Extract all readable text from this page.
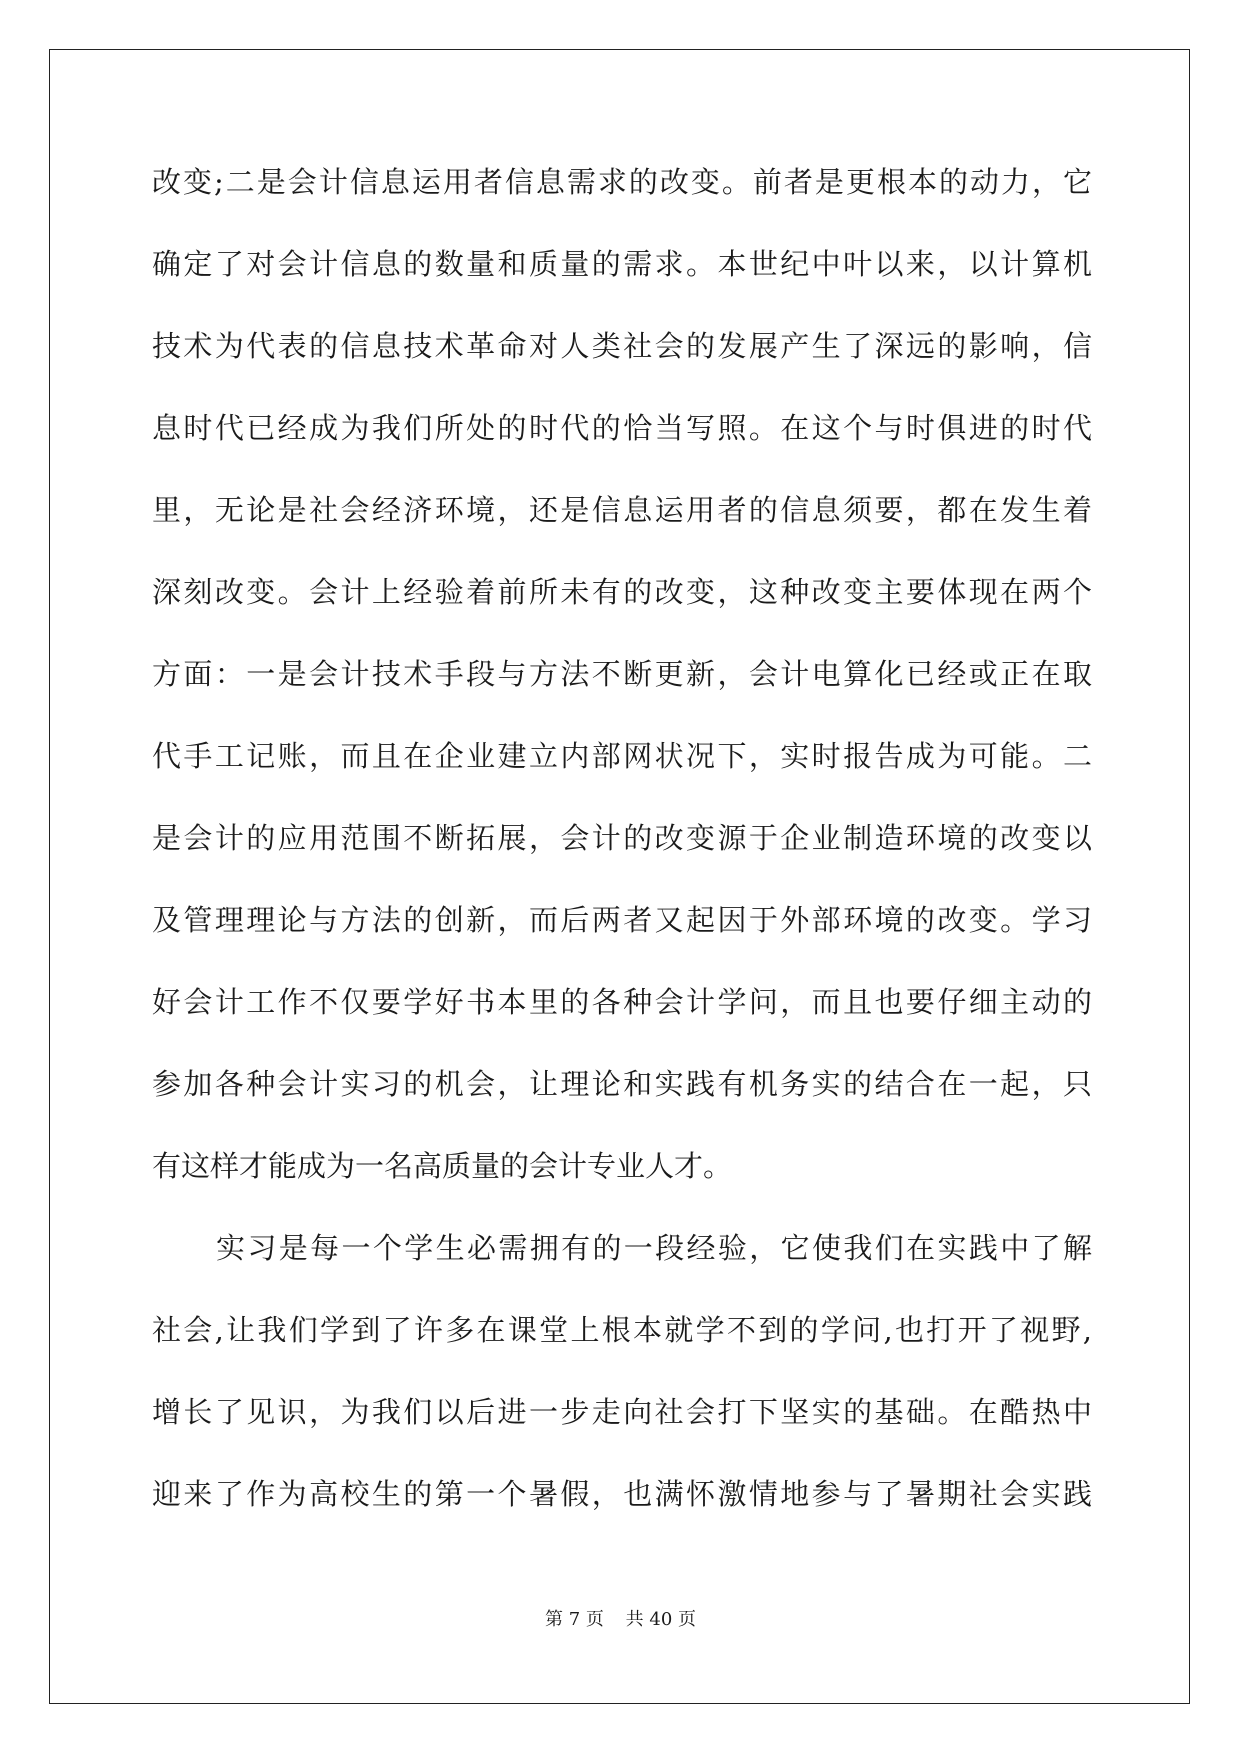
改变;二是会计信息运用者信息需求的改变。前者是更根本的动力，它
确定了对会计信息的数量和质量的需求。本世纪中叶以来，以计算机
技术为代表的信息技术革命对人类社会的发展产生了深远的影响，信
息时代已经成为我们所处的时代的恰当写照。在这个与时俱进的时代
里，无论是社会经济环境，还是信息运用者的信息须要，都在发生着
深刻改变。会计上经验着前所未有的改变，这种改变主要体现在两个
方面：一是会计技术手段与方法不断更新，会计电算化已经或正在取
代手工记账，而且在企业建立内部网状况下，实时报告成为可能。二
是会计的应用范围不断拓展，会计的改变源于企业制造环境的改变以
及管理理论与方法的创新，而后两者又起因于外部环境的改变。学习
好会计工作不仅要学好书本里的各种会计学问，而且也要仔细主动的
参加各种会计实习的机会，让理论和实践有机务实的结合在一起，只
有这样才能成为一名高质量的会计专业人才。
实习是每一个学生必需拥有的一段经验，它使我们在实践中了解
社会,让我们学到了许多在课堂上根本就学不到的学问,也打开了视野,
增长了见识，为我们以后进一步走向社会打下坚实的基础。在酷热中
迎来了作为高校生的第一个暑假，也满怀激情地参与了暑期社会实践
第 7 页 共 40 页
